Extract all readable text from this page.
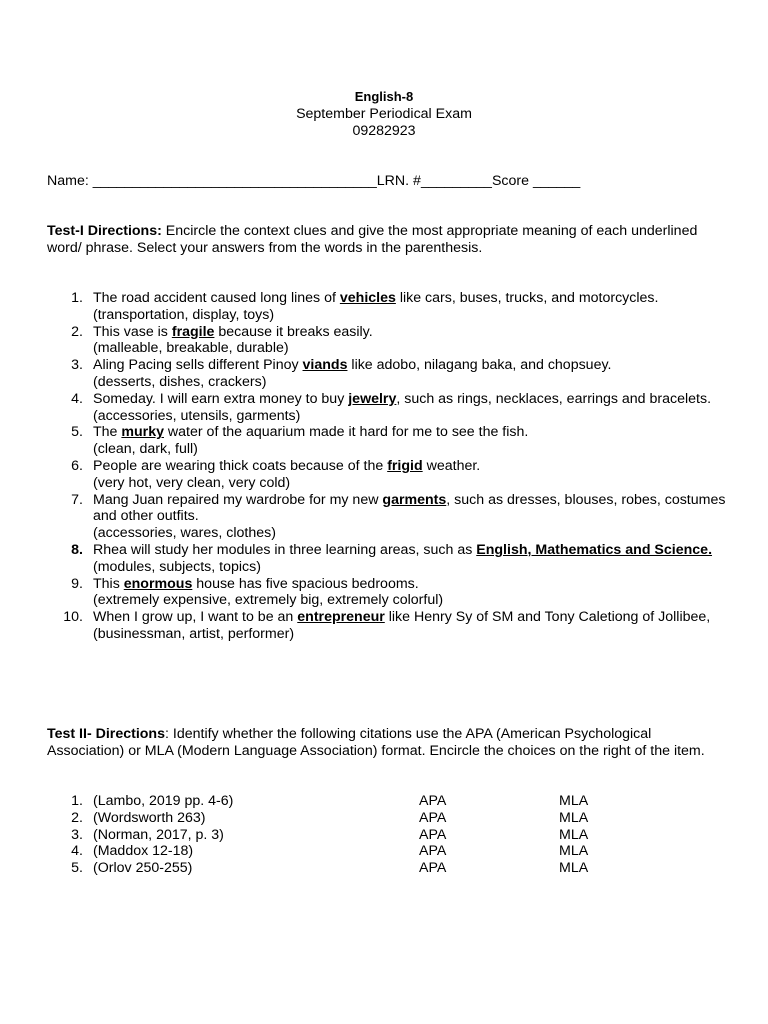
English-8
September Periodical Exam
09282923
Name: ____________________________________LRN. #_________Score ______
Test-I Directions: Encircle the context clues and give the most appropriate meaning of each underlined word/ phrase. Select your answers from the words in the parenthesis.
1. The road accident caused long lines of vehicles like cars, buses, trucks, and motorcycles.
(transportation, display, toys)
2. This vase is fragile because it breaks easily.
(malleable, breakable, durable)
3. Aling Pacing sells different Pinoy viands like adobo, nilagang baka, and chopsuey.
(desserts, dishes, crackers)
4. Someday. I will earn extra money to buy jewelry, such as rings, necklaces, earrings and bracelets.
(accessories, utensils, garments)
5. The murky water of the aquarium made it hard for me to see the fish.
(clean, dark, full)
6. People are wearing thick coats because of the frigid weather.
(very hot, very clean, very cold)
7. Mang Juan repaired my wardrobe for my new garments, such as dresses, blouses, robes, costumes and other outfits.
(accessories, wares, clothes)
8. Rhea will study her modules in three learning areas, such as English, Mathematics and Science.
(modules, subjects, topics)
9. This enormous house has five spacious bedrooms.
(extremely expensive, extremely big, extremely colorful)
10. When I grow up, I want to be an entrepreneur like Henry Sy of SM and Tony Caletiong of Jollibee,
(businessman, artist, performer)
Test II- Directions: Identify whether the following citations use the APA (American Psychological Association) or MLA (Modern Language Association) format. Encircle the choices on the right of the item.
1. (Lambo, 2019 pp. 4-6)	APA	MLA
2. (Wordsworth 263)	APA	MLA
3. (Norman, 2017, p. 3)	APA	MLA
4. (Maddox 12-18)	APA	MLA
5. (Orlov 250-255)	APA	MLA
